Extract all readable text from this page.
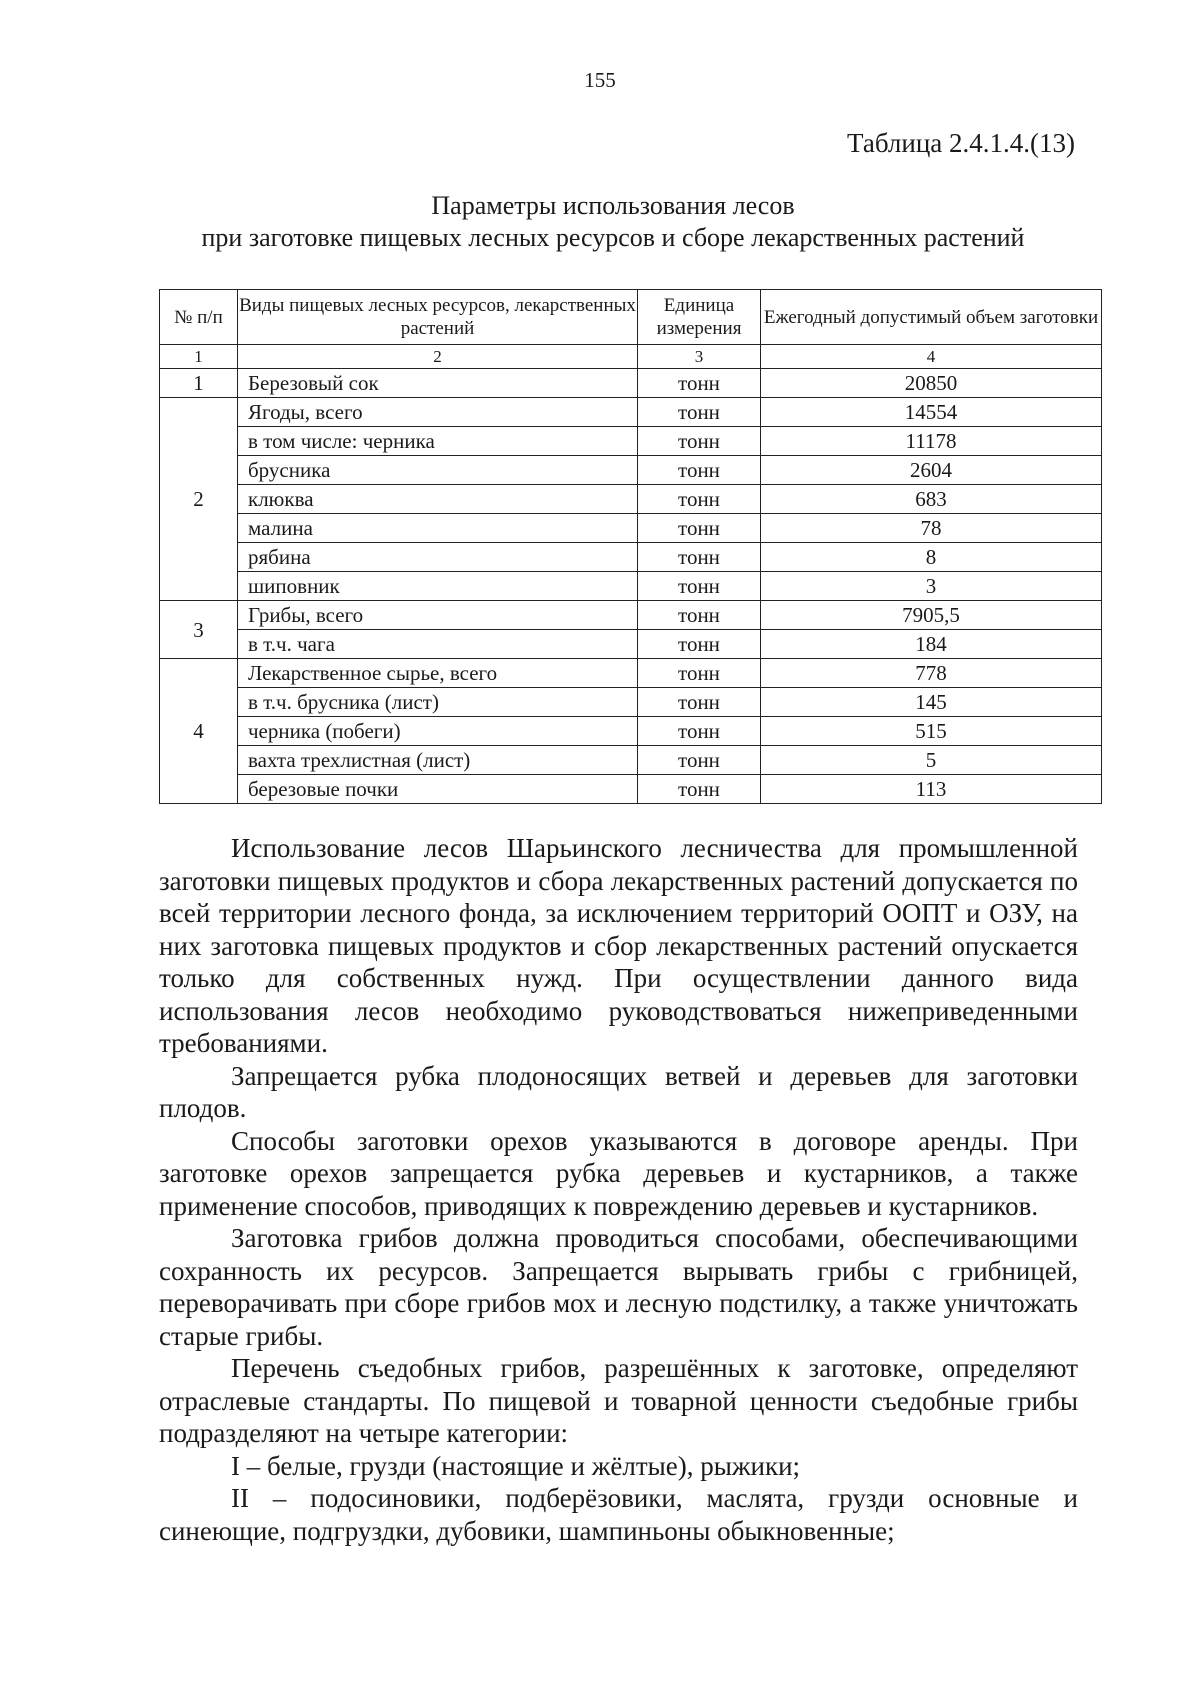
155
Таблица 2.4.1.4.(13)
Параметры использования лесов
при заготовке пищевых лесных ресурсов и сборе лекарственных растений
№ п/п	Виды пищевых лесных ресурсов, лекарственных растений	Единица измерения	Ежегодный допустимый объем заготовки
1	2	3	4
1	Березовый сок	тонн	20850
2	Ягоды, всего	тонн	14554
	в том числе: черника	тонн	11178
	брусника	тонн	2604
	клюква	тонн	683
	малина	тонн	78
	рябина	тонн	8
	шиповник	тонн	3
3	Грибы, всего	тонн	7905,5
	в т.ч. чага	тонн	184
4	Лекарственное сырье, всего	тонн	778
	в т.ч. брусника (лист)	тонн	145
	черника (побеги)	тонн	515
	вахта трехлистная (лист)	тонн	5
	березовые почки	тонн	113

Использование лесов Шарьинского лесничества для промышленной заготовки пищевых продуктов и сбора лекарственных растений допускается по всей территории лесного фонда, за исключением территорий ООПТ и ОЗУ, на них заготовка пищевых продуктов и сбор лекарственных растений опускается только для собственных нужд. При осуществлении данного вида использования лесов необходимо руководствоваться нижеприведенными требованиями.

Запрещается рубка плодоносящих ветвей и деревьев для заготовки плодов.

Способы заготовки орехов указываются в договоре аренды. При заготовке орехов запрещается рубка деревьев и кустарников, а также применение способов, приводящих к повреждению деревьев и кустарников.

Заготовка грибов должна проводиться способами, обеспечивающими сохранность их ресурсов. Запрещается вырывать грибы с грибницей, переворачивать при сборе грибов мох и лесную подстилку, а также уничтожать старые грибы.

Перечень съедобных грибов, разрешённых к заготовке, определяют отраслевые стандарты. По пищевой и товарной ценности съедобные грибы подразделяют на четыре категории:

I – белые, грузди (настоящие и жёлтые), рыжики;

II – подосиновики, подберёзовики, маслята, грузди основные и синеющие, подгруздки, дубовики, шампиньоны обыкновенные;
